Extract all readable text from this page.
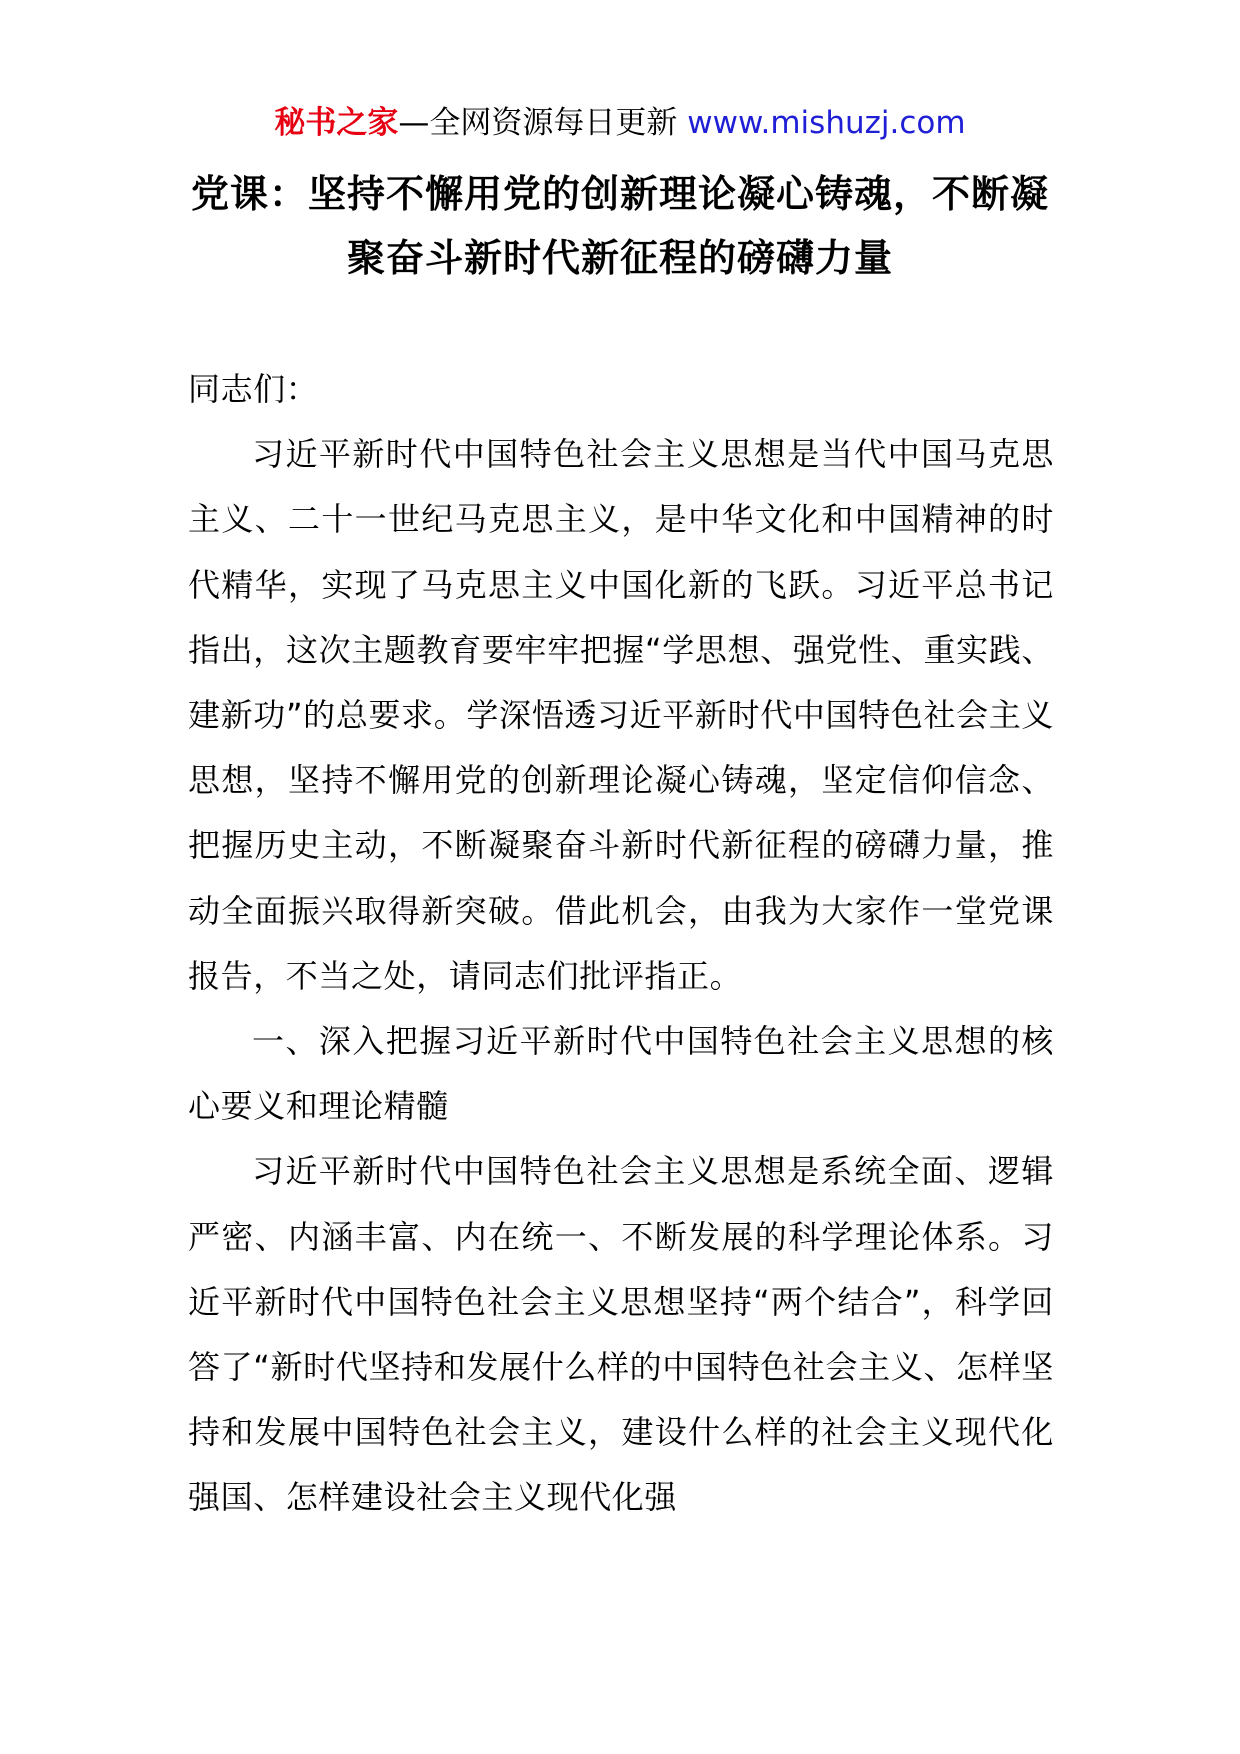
秘书之家—全网资源每日更新 www.mishuzj.com
党课：坚持不懈用党的创新理论凝心铸魂，不断凝聚奋斗新时代新征程的磅礴力量

同志们：

习近平新时代中国特色社会主义思想是当代中国马克思主义、二十一世纪马克思主义，是中华文化和中国精神的时代精华，实现了马克思主义中国化新的飞跃。习近平总书记指出，这次主题教育要牢牢把握“学思想、强党性、重实践、建新功”的总要求。学深悟透习近平新时代中国特色社会主义思想，坚持不懈用党的创新理论凝心铸魂，坚定信仰信念、把握历史主动，不断凝聚奋斗新时代新征程的磅礴力量，推动全面振兴取得新突破。借此机会，由我为大家作一堂党课报告，不当之处，请同志们批评指正。

一、深入把握习近平新时代中国特色社会主义思想的核心要义和理论精髓

习近平新时代中国特色社会主义思想是系统全面、逻辑严密、内涵丰富、内在统一、不断发展的科学理论体系。习近平新时代中国特色社会主义思想坚持“两个结合”，科学回答了“新时代坚持和发展什么样的中国特色社会主义、怎样坚持和发展中国特色社会主义，建设什么样的社会主义现代化强国、怎样建设社会主义现代化强
